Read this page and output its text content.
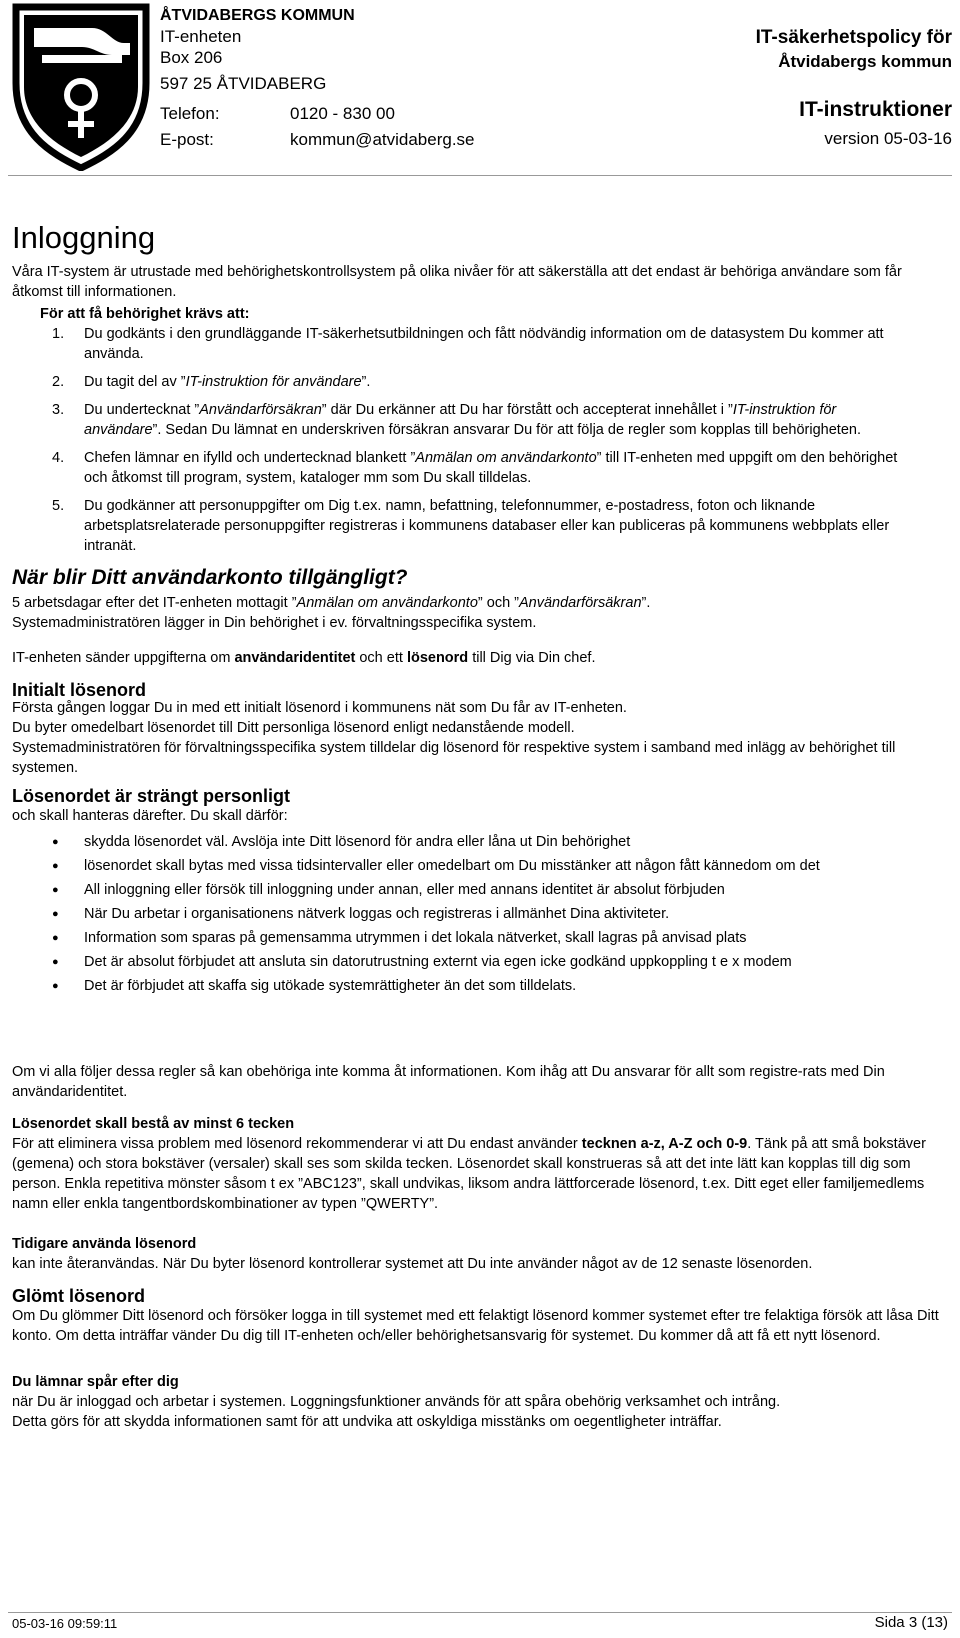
ÅTVIDABERGS KOMMUN
IT-enheten
Box 206
597 25 ÅTVIDABERG
Telefon:	0120 - 830 00
E-post:	kommun@atvidaberg.se
IT-säkerhetspolicy för
Åtvidabergs kommun
IT-instruktioner
version 05-03-16
Inloggning
Våra IT-system är utrustade med behörighetskontrollsystem på olika nivåer för att säkerställa att det endast är behöriga användare som får åtkomst till informationen.
För att få behörighet krävs att:
1. Du godkänts i den grundläggande IT-säkerhetsutbildningen och fått nödvändig information om de datasystem Du kommer att använda.
2. Du tagit del av ”IT-instruktion för användare”.
3. Du undertecknat ”Användarförsäkran” där Du erkänner att Du har förstått och accepterat innehållet i ”IT-instruktion för användare”. Sedan Du lämnat en underskriven försäkran ansvarar Du för att följa de regler som kopplas till behörigheten.
4. Chefen lämnar en ifylld och undertecknad blankett ”Anmälan om användarkonto” till IT-enheten med uppgift om den behörighet och åtkomst till program, system, kataloger mm som Du skall tilldelas.
5. Du godkänner att personuppgifter om Dig t.ex. namn, befattning, telefonnummer, e-postadress, foton och liknande arbetsplatsrelaterade personuppgifter registreras i kommunens databaser eller kan publiceras på kommunens webbplats eller intranät.
När blir Ditt användarkonto tillgängligt?
5 arbetsdagar efter det IT-enheten mottagit ”Anmälan om användarkonto” och ”Användarförsäkran”.
Systemadministratören lägger in Din behörighet i ev. förvaltningsspecifika system.
IT-enheten sänder uppgifterna om användaridentitet och ett lösenord till Dig via Din chef.
Initialt lösenord
Första gången loggar Du in med ett initialt lösenord i kommunens nät som Du får av IT-enheten.
Du byter omedelbart lösenordet till Ditt personliga lösenord enligt nedanstående modell.
Systemadministratören för förvaltningsspecifika system tilldelar dig lösenord för respektive system i samband med inlägg av behörighet till systemen.
Lösenordet är strängt personligt
och skall hanteras därefter. Du skall därför:
● skydda lösenordet väl. Avslöja inte Ditt lösenord för andra eller låna ut Din behörighet
● lösenordet skall bytas med vissa tidsintervaller eller omedelbart om Du misstänker att någon fått kännedom om det
● All inloggning eller försök till inloggning under annan, eller med annans identitet är absolut förbjuden
● När Du arbetar i organisationens nätverk loggas och registreras i allmänhet Dina aktiviteter.
● Information som sparas på gemensamma utrymmen i det lokala nätverket, skall lagras på anvisad plats
● Det är absolut förbjudet att ansluta sin datorutrustning externt via egen icke godkänd uppkoppling t e x modem
● Det är förbjudet att skaffa sig utökade systemrättigheter än det som tilldelats.
Om vi alla följer dessa regler så kan obehöriga inte komma åt informationen. Kom ihåg att Du ansvarar för allt som registre-rats med Din användaridentitet.
Lösenordet skall bestå av minst 6 tecken
För att eliminera vissa problem med lösenord rekommenderar vi att Du endast använder tecknen a-z, A-Z och 0-9. Tänk på att små bokstäver (gemena) och stora bokstäver (versaler) skall ses som skilda tecken. Lösenordet skall konstrueras så att det inte lätt kan kopplas till dig som person. Enkla repetitiva mönster såsom t ex ”ABC123”, skall undvikas, liksom andra lättforcerade lösenord, t.ex. Ditt eget eller familjemedlems namn eller enkla tangentbordskombinationer av typen ”QWERTY”.
Tidigare använda lösenord
kan inte återanvändas. När Du byter lösenord kontrollerar systemet att Du inte använder något av de 12 senaste lösenorden.
Glömt lösenord
Om Du glömmer Ditt lösenord och försöker logga in till systemet med ett felaktigt lösenord kommer systemet efter tre felaktiga försök att låsa Ditt konto. Om detta inträffar vänder Du dig till IT-enheten och/eller behörighetsansvarig för systemet. Du kommer då att få ett nytt lösenord.
Du lämnar spår efter dig
när Du är inloggad och arbetar i systemen. Loggningsfunktioner används för att spåra obehörig verksamhet och intrång.
Detta görs för att skydda informationen samt för att undvika att oskyldiga misstänks om oegentligheter inträffar.
05-03-16 09:59:11	Sida 3 (13)
